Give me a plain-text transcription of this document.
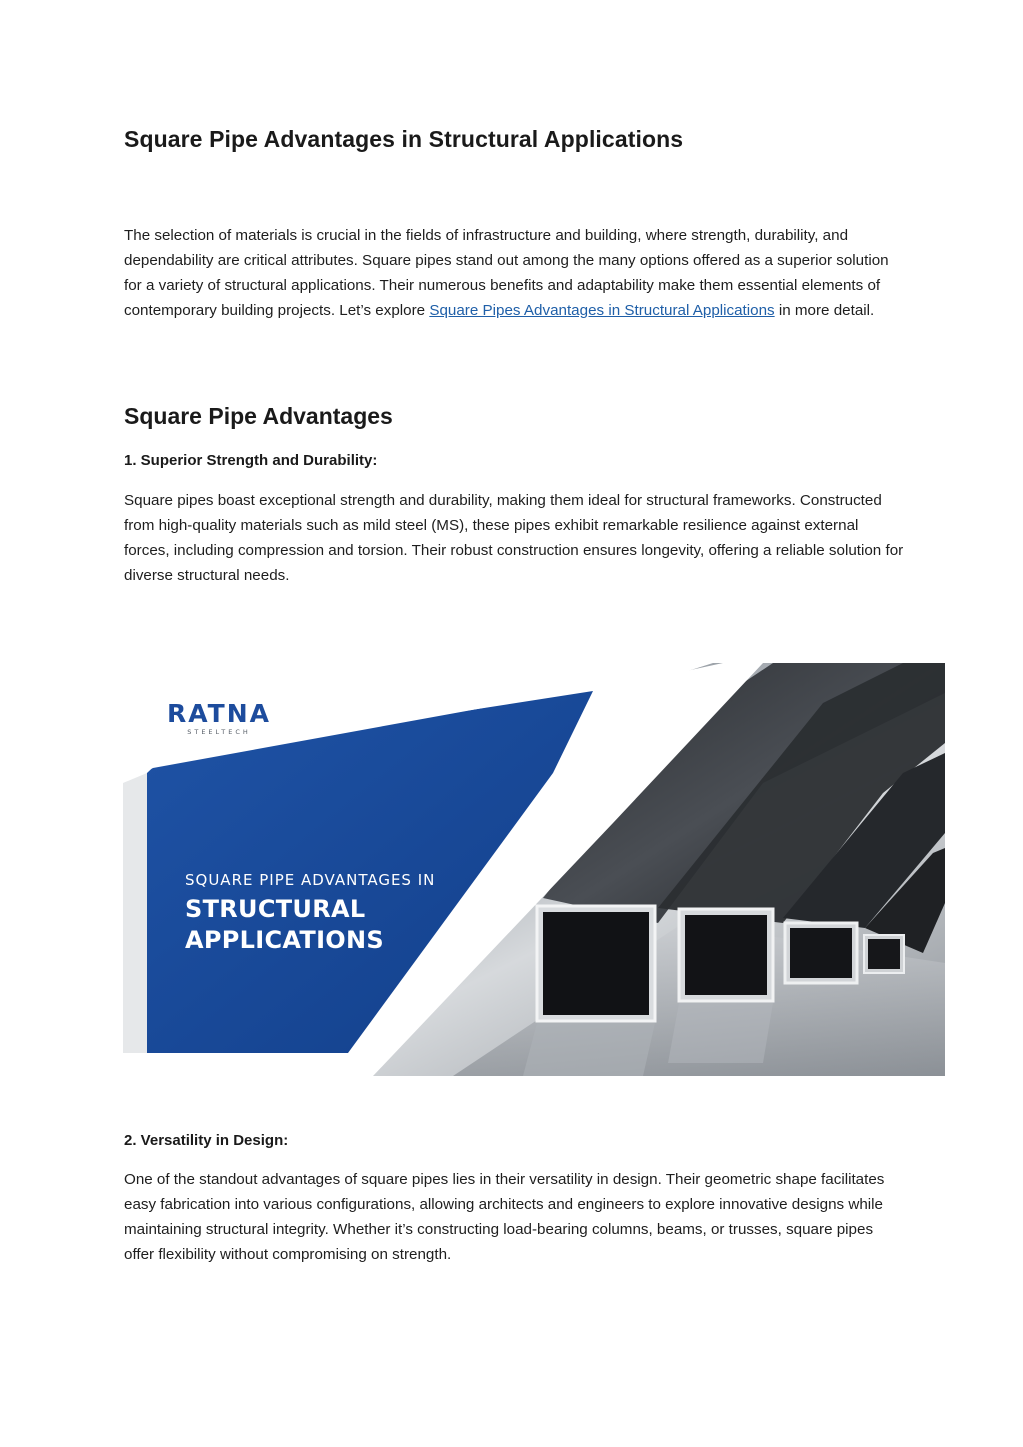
Square Pipe Advantages in Structural Applications

The selection of materials is crucial in the fields of infrastructure and building, where strength, durability, and dependability are critical attributes. Square pipes stand out among the many options offered as a superior solution for a variety of structural applications. Their numerous benefits and adaptability make them essential elements of contemporary building projects. Let’s explore Square Pipes Advantages in Structural Applications in more detail.

Square Pipe Advantages
1. Superior Strength and Durability:

Square pipes boast exceptional strength and durability, making them ideal for structural frameworks. Constructed from high-quality materials such as mild steel (MS), these pipes exhibit remarkable resilience against external forces, including compression and torsion. Their robust construction ensures longevity, offering a reliable solution for diverse structural needs.

RATNA
STEELTECH
SQUARE PIPE ADVANTAGES IN
STRUCTURAL
APPLICATIONS
2. Versatility in Design:

One of the standout advantages of square pipes lies in their versatility in design. Their geometric shape facilitates easy fabrication into various configurations, allowing architects and engineers to explore innovative designs while maintaining structural integrity. Whether it’s constructing load-bearing columns, beams, or trusses, square pipes offer flexibility without compromising on strength.
